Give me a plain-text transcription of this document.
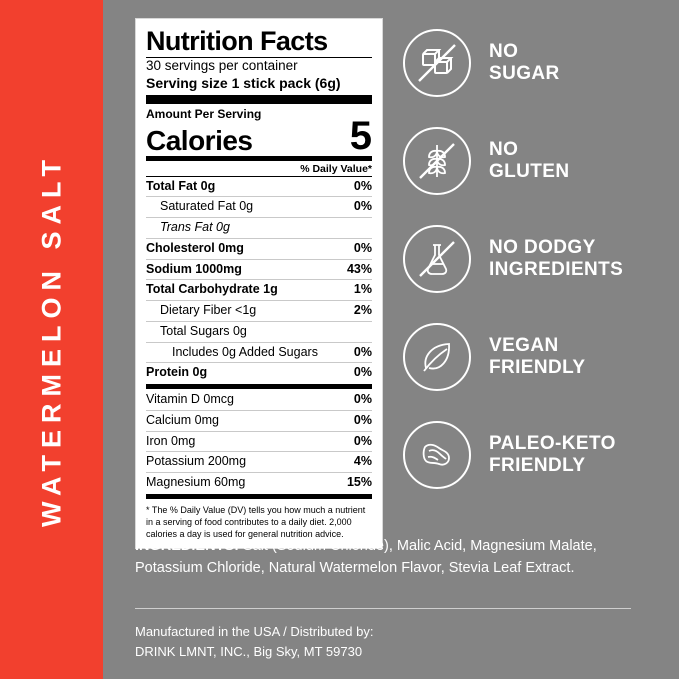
WATERMELON SALT
Nutrition Facts
30 servings per container
Serving size 1 stick pack (6g)
Amount Per Serving
Calories 5
% Daily Value*
Total Fat 0g	0%
Saturated Fat 0g	0%
Trans Fat 0g
Cholesterol 0mg	0%
Sodium 1000mg	43%
Total Carbohydrate 1g	1%
Dietary Fiber <1g	2%
Total Sugars 0g
Includes 0g Added Sugars	0%
Protein 0g	0%
Vitamin D 0mcg	0%
Calcium 0mg	0%
Iron 0mg	0%
Potassium 200mg	4%
Magnesium 60mg	15%
* The % Daily Value (DV) tells you how much a nutrient in a serving of food contributes to a daily diet. 2,000 calories a day is used for general nutrition advice.
NO
SUGAR
NO
GLUTEN
NO DODGY
INGREDIENTS
VEGAN
FRIENDLY
PALEO-KETO
FRIENDLY
INGREDIENTS: Salt (Sodium Chloride), Malic Acid, Magnesium Malate, Potassium Chloride, Natural Watermelon Flavor, Stevia Leaf Extract.
Manufactured in the USA / Distributed by:
DRINK LMNT, INC., Big Sky, MT 59730
